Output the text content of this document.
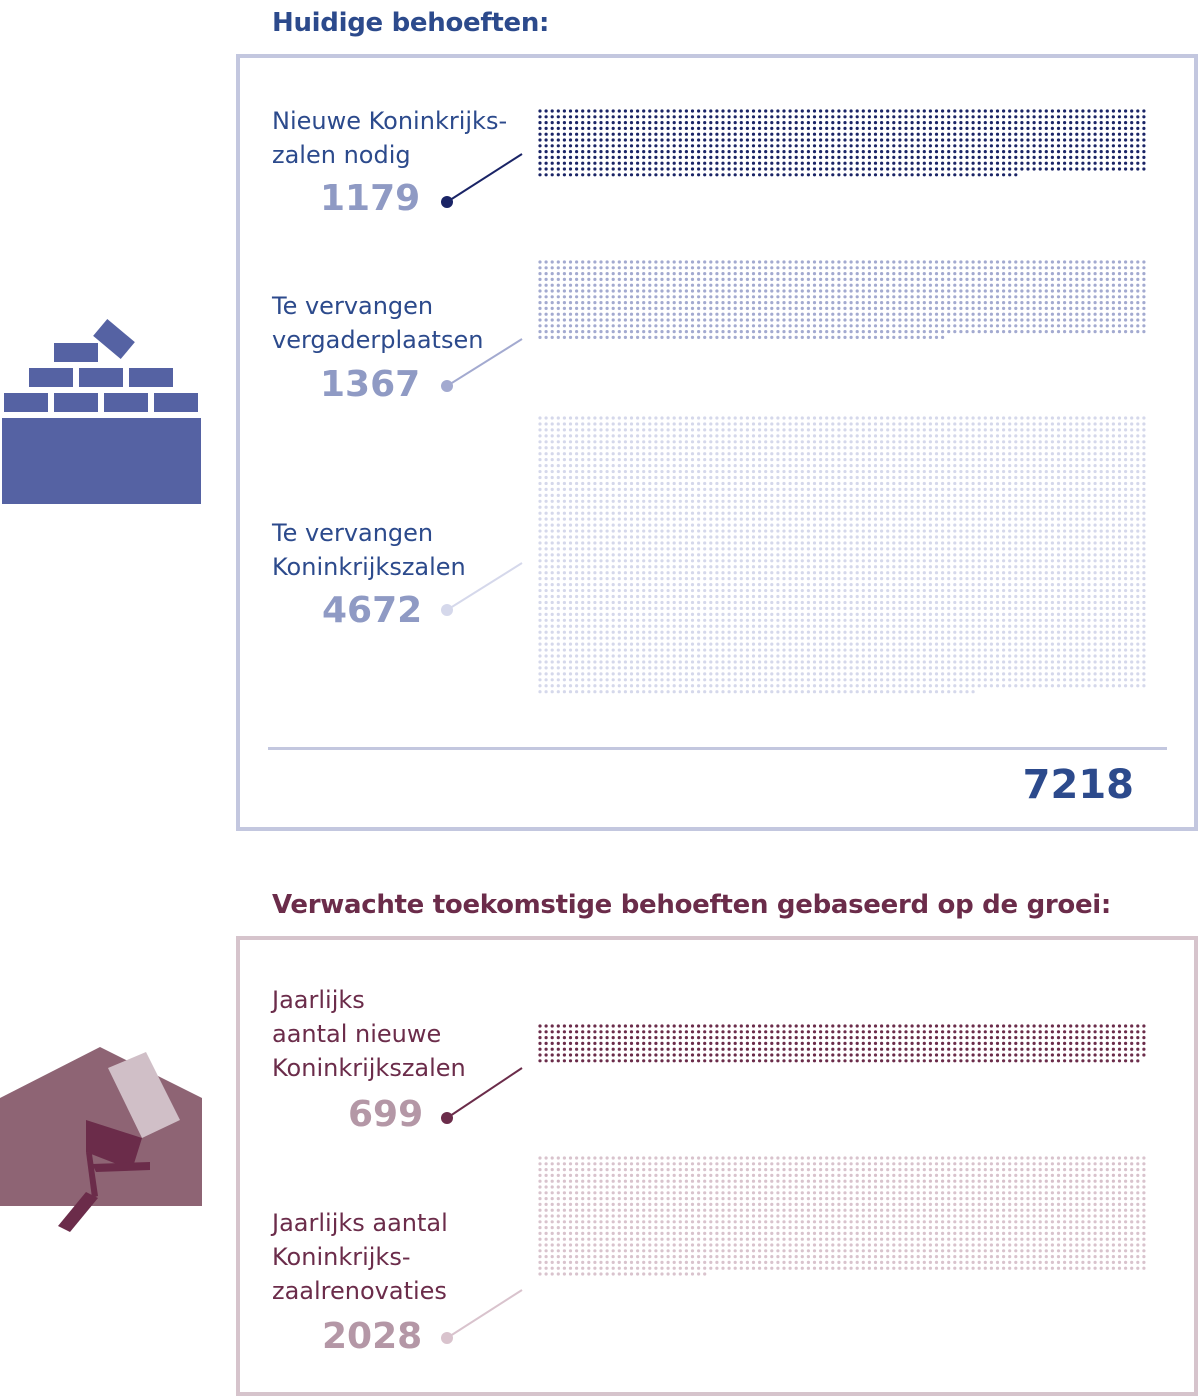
Huidige behoeften:

Nieuwe Koninkrijks-
zalen nodig

1179

Te vervangen
vergaderplaatsen

1367

Te vervangen
Koninkrijkszalen

4672

7218
Verwachte toekomstige behoeften gebaseerd op de groei:

Jaarlijks
aantal nieuwe
Koninkrijkszalen

699

Jaarlijks aantal
Koninkrijks-
zaalrenovaties

2028
